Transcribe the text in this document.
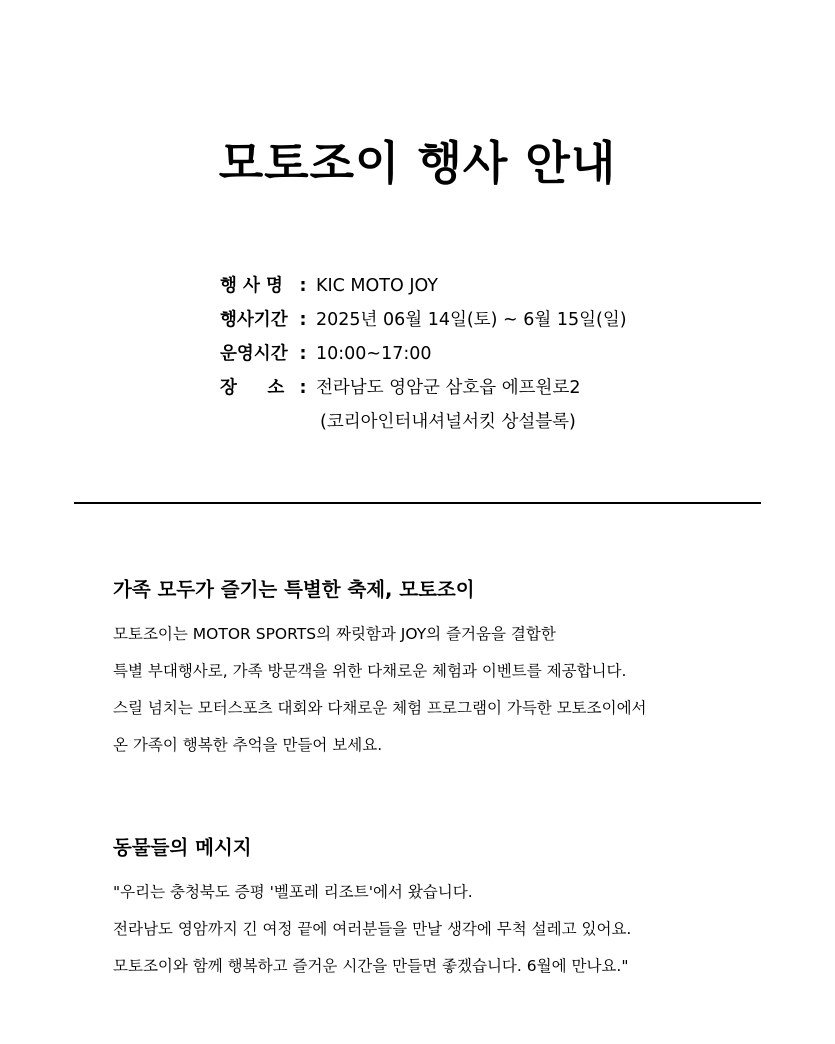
모토조이 행사 안내
행 사 명 : KIC MOTO JOY
행사기간 : 2025년 06월 14일(토) ~ 6월 15일(일)
운영시간 : 10:00~17:00
장     소 : 전라남도 영암군 삼호읍 에프원로2
(코리아인터내셔널서킷 상설블록)
가족 모두가 즐기는 특별한 축제, 모토조이

모토조이는 MOTOR SPORTS의 짜릿함과 JOY의 즐거움을 결합한

특별 부대행사로, 가족 방문객을 위한 다채로운 체험과 이벤트를 제공합니다.

스릴 넘치는 모터스포츠 대회와 다채로운 체험 프로그램이 가득한 모토조이에서

온 가족이 행복한 추억을 만들어 보세요.

동물들의 메시지

"우리는 충청북도 증평 '벨포레 리조트'에서 왔습니다.

전라남도 영암까지 긴 여정 끝에 여러분들을 만날 생각에 무척 설레고 있어요.

모토조이와 함께 행복하고 즐거운 시간을 만들면 좋겠습니다. 6월에 만나요."
